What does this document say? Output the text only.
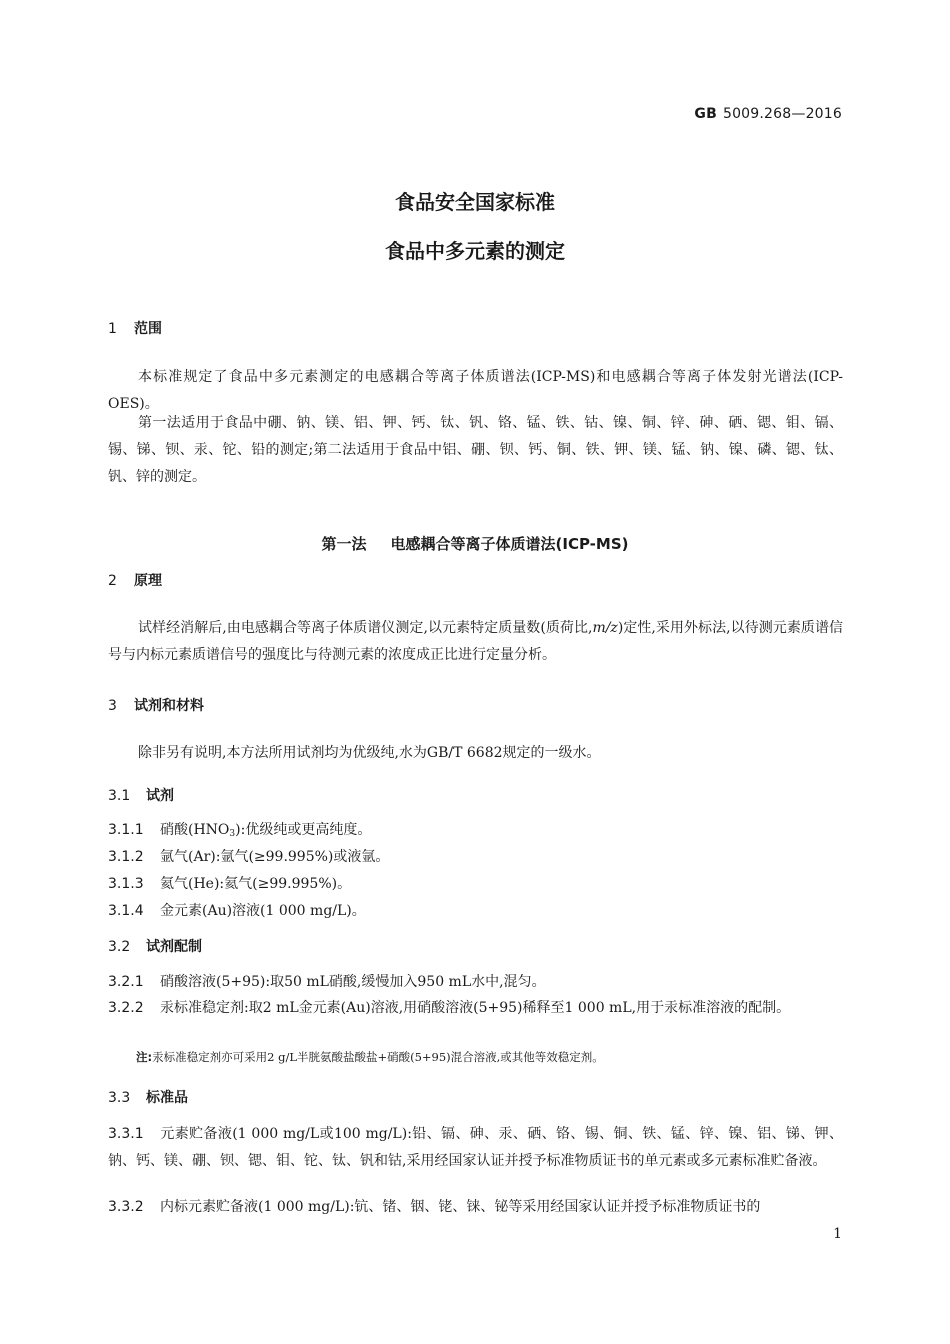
GB 5009.268—2016
食品安全国家标准
食品中多元素的测定
1 范围

本标准规定了食品中多元素测定的电感耦合等离子体质谱法(ICP-MS)和电感耦合等离子体发射光谱法(ICP-OES)。

第一法适用于食品中硼、钠、镁、铝、钾、钙、钛、钒、铬、锰、铁、钴、镍、铜、锌、砷、硒、锶、钼、镉、锡、锑、钡、汞、铊、铅的测定;第二法适用于食品中铝、硼、钡、钙、铜、铁、钾、镁、锰、钠、镍、磷、锶、钛、钒、锌的测定。

第一法 电感耦合等离子体质谱法(ICP-MS)
2 原理

试样经消解后,由电感耦合等离子体质谱仪测定,以元素特定质量数(质荷比,m/z)定性,采用外标法,以待测元素质谱信号与内标元素质谱信号的强度比与待测元素的浓度成正比进行定量分析。

3 试剂和材料

除非另有说明,本方法所用试剂均为优级纯,水为GB/T 6682规定的一级水。

3.1 试剂

3.1.1 硝酸$(HNO_3)$:优级纯或更高纯度。

3.1.2 氩气(Ar):氩气(≥99.995%)或液氩。

3.1.3 氦气(He):氦气(≥99.995%)。

3.1.4 金元素(Au)溶液(1 000 mg/L)。

3.2 试剂配制

3.2.1 硝酸溶液(5+95):取50 mL硝酸,缓慢加入950 mL水中,混匀。

3.2.2 汞标准稳定剂:取2 mL金元素(Au)溶液,用硝酸溶液(5+95)稀释至1 000 mL,用于汞标准溶液的配制。

注:汞标准稳定剂亦可采用2 g/L半胱氨酸盐酸盐+硝酸(5+95)混合溶液,或其他等效稳定剂。

3.3 标准品

3.3.1 元素贮备液(1 000 mg/L或100 mg/L):铅、镉、砷、汞、硒、铬、锡、铜、铁、锰、锌、镍、铝、锑、钾、钠、钙、镁、硼、钡、锶、钼、铊、钛、钒和钴,采用经国家认证并授予标准物质证书的单元素或多元素标准贮备液。

3.3.2 内标元素贮备液(1 000 mg/L):钪、锗、铟、铑、铼、铋等采用经国家认证并授予标准物质证书的

1
